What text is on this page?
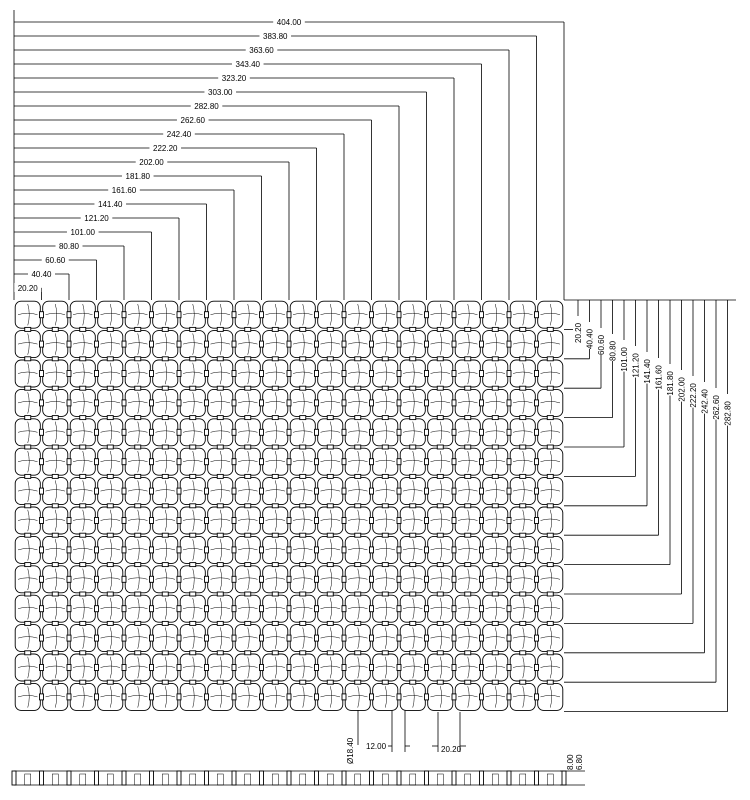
20.20
40.40
60.60
80.80
101.00
121.20
141.40
161.60
181.80
202.00
222.20
242.40
262.60
282.80
303.00
323.20
343.40
363.60
383.80
404.00
20.20 40.40 60.60 80.80 101.00 121.20 141.40 161.60 181.80 202.00 222.20 242.40 262.60 282.80
Ø18.40 12.00	20.20
8.00 6.80
